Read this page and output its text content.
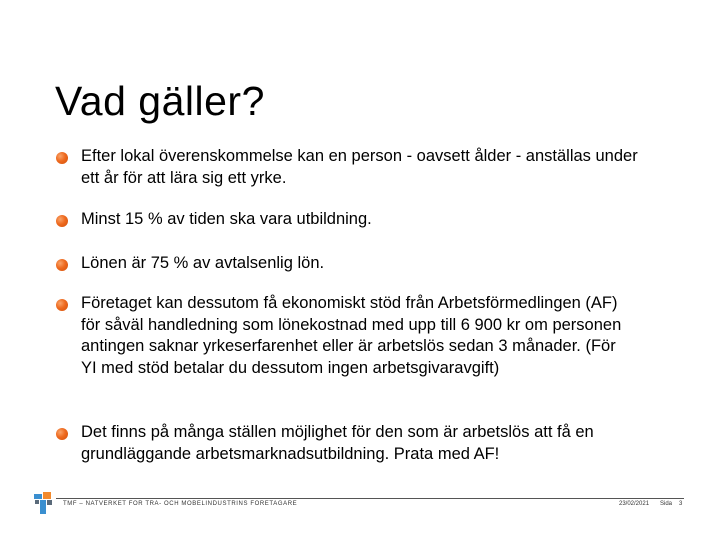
Vad gäller?
Efter lokal överenskommelse kan en person - oavsett ålder - anställas under ett år för att lära sig ett yrke.
Minst 15 % av tiden ska vara utbildning.
Lönen är 75 % av avtalsenlig lön.
Företaget kan dessutom få ekonomiskt stöd från Arbetsförmedlingen (AF) för såväl handledning som lönekostnad med upp till 6 900 kr om personen antingen saknar yrkeserfarenhet eller är arbetslös sedan 3 månader. (För YI med stöd betalar du dessutom ingen arbetsgivaravgift)
Det finns på många ställen möjlighet för den som är arbetslös att få en grundläggande arbetsmarknadsutbildning. Prata med AF!
TMF – NATVERKET FOR TRA- OCH MOBELINDUSTRINS FORETAGARE	23/02/2021 Sida 3
